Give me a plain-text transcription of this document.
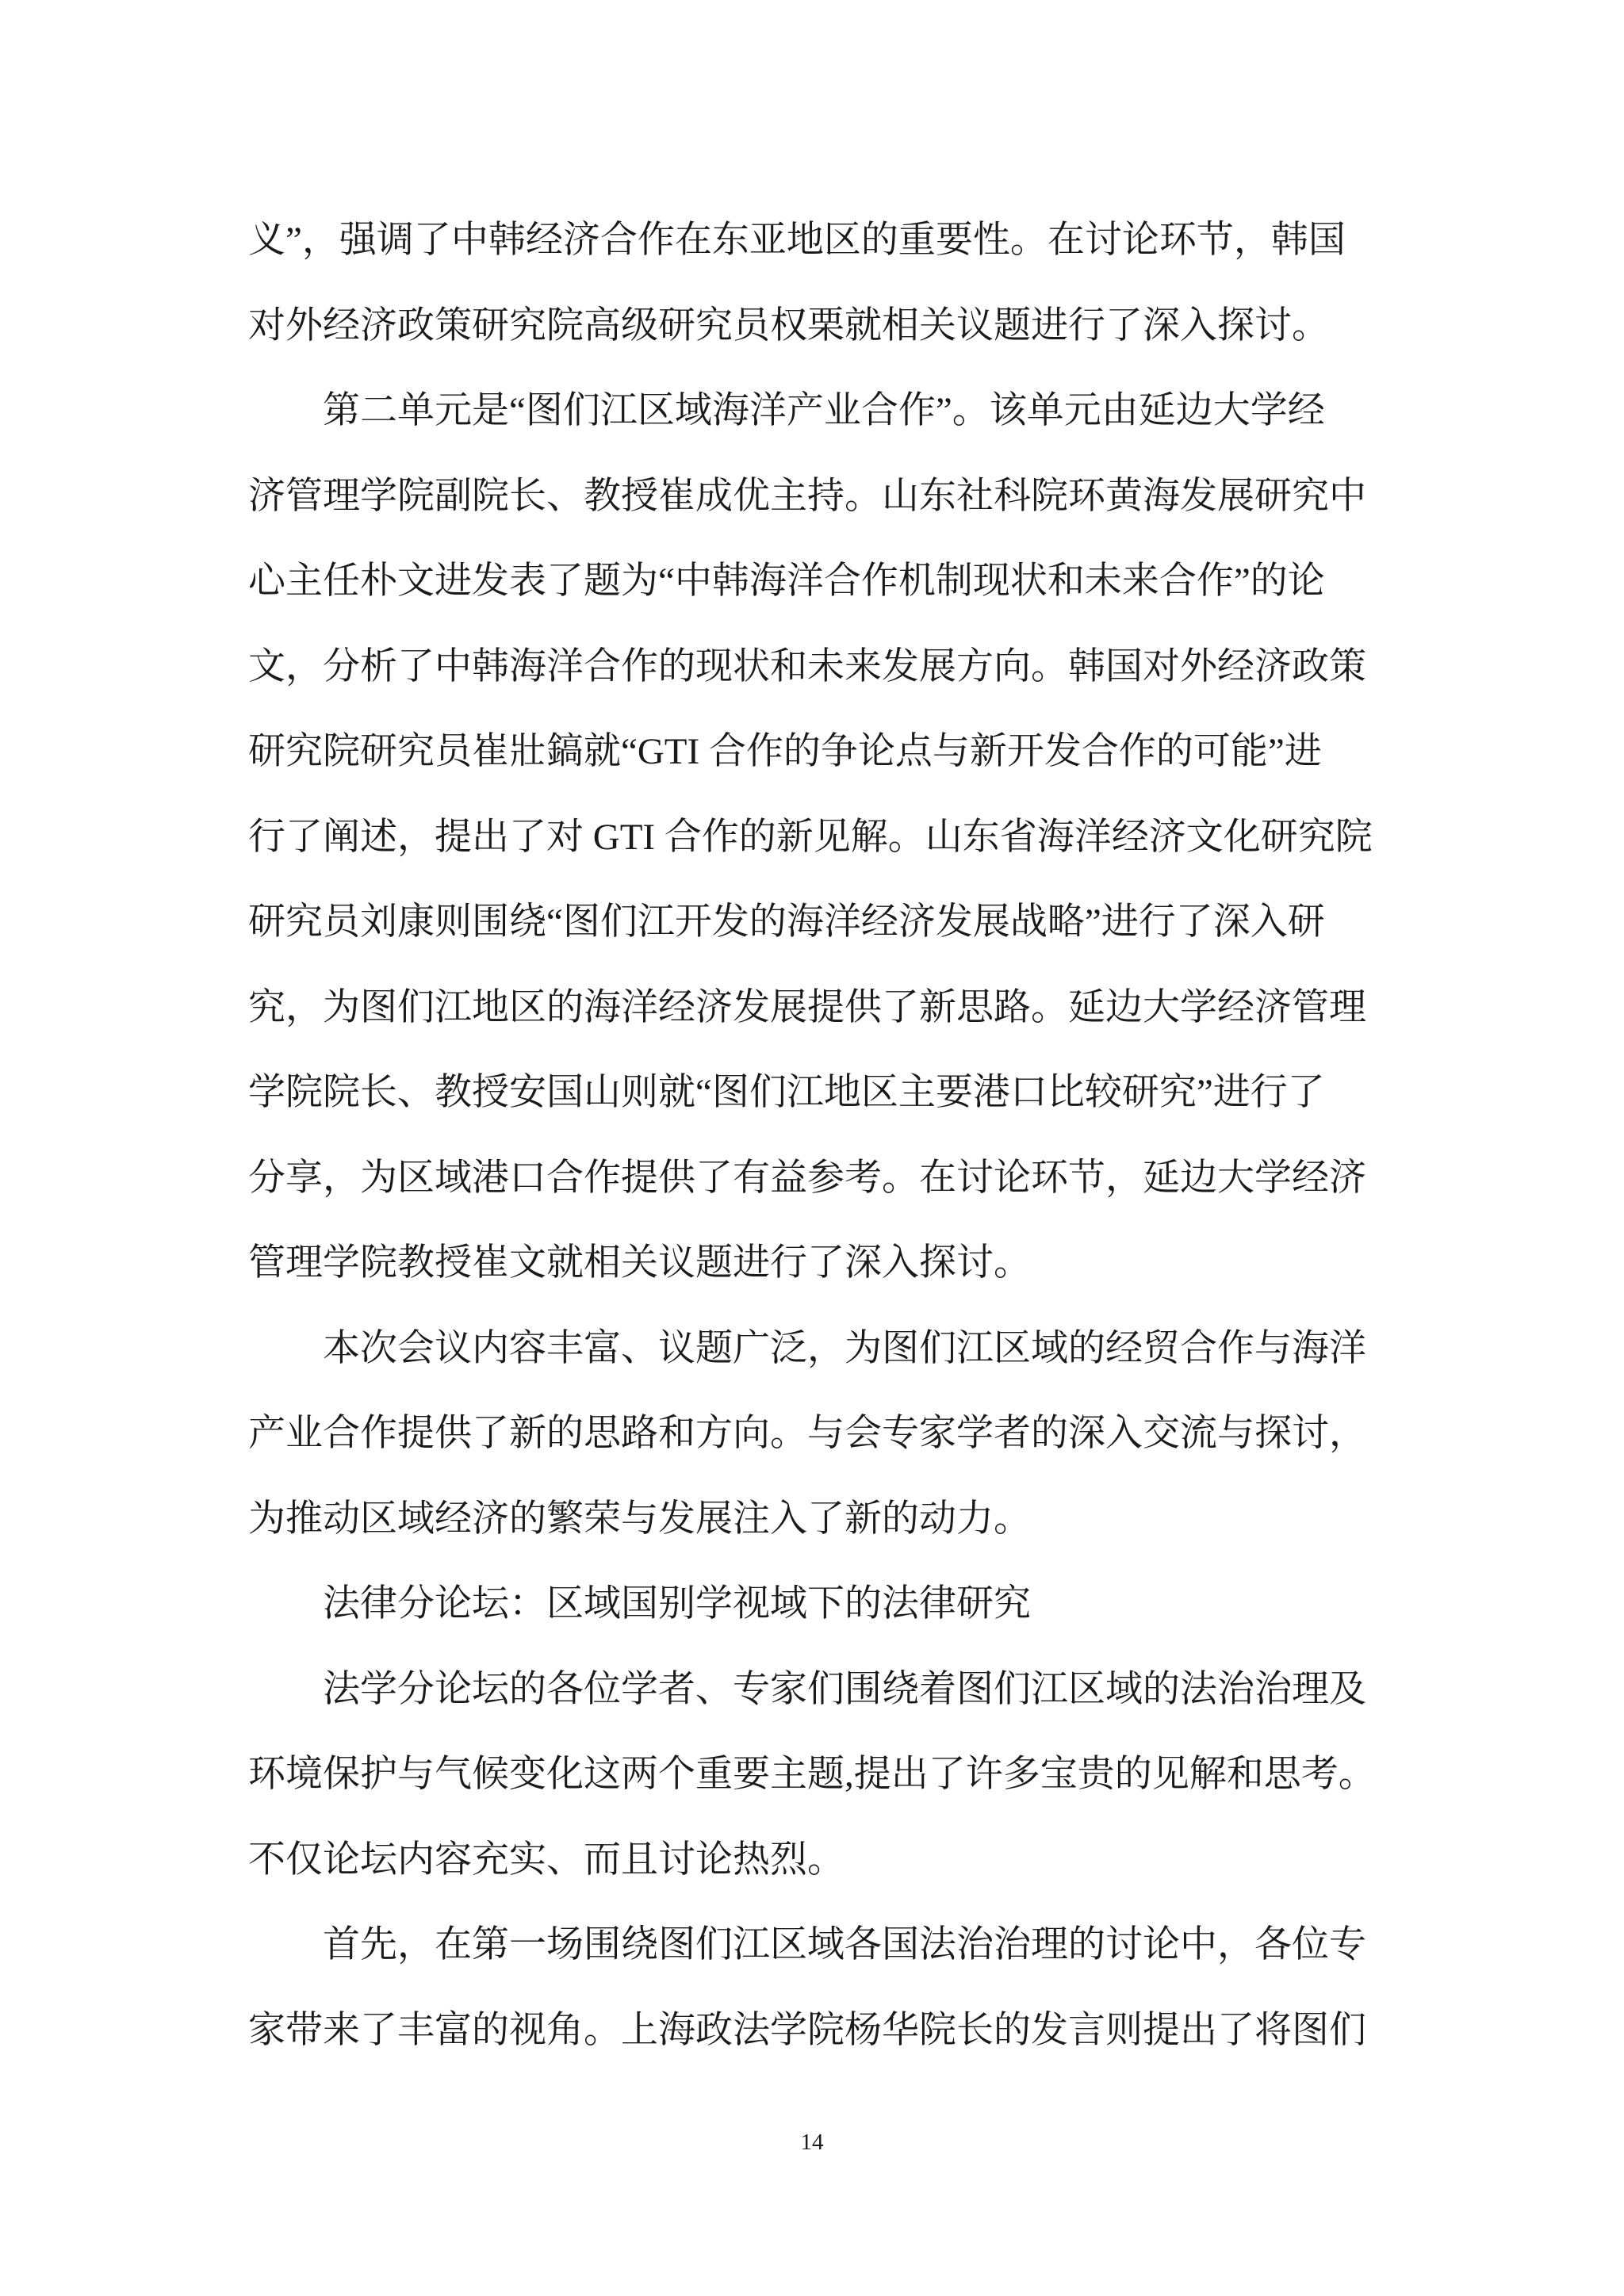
义”，强调了中韩经济合作在东亚地区的重要性。在讨论环节，韩国
对外经济政策研究院高级研究员权栗就相关议题进行了深入探讨。
第二单元是“图们江区域海洋产业合作”。该单元由延边大学经
济管理学院副院长、教授崔成优主持。山东社科院环黄海发展研究中
心主任朴文进发表了题为“中韩海洋合作机制现状和未来合作”的论
文，分析了中韩海洋合作的现状和未来发展方向。韩国对外经济政策
研究院研究员崔壯鎬就“GTI 合作的争论点与新开发合作的可能”进
行了阐述，提出了对 GTI 合作的新见解。山东省海洋经济文化研究院
研究员刘康则围绕“图们江开发的海洋经济发展战略”进行了深入研
究，为图们江地区的海洋经济发展提供了新思路。延边大学经济管理
学院院长、教授安国山则就“图们江地区主要港口比较研究”进行了
分享，为区域港口合作提供了有益参考。在讨论环节，延边大学经济
管理学院教授崔文就相关议题进行了深入探讨。
本次会议内容丰富、议题广泛，为图们江区域的经贸合作与海洋
产业合作提供了新的思路和方向。与会专家学者的深入交流与探讨，
为推动区域经济的繁荣与发展注入了新的动力。
法律分论坛：区域国别学视域下的法律研究
法学分论坛的各位学者、专家们围绕着图们江区域的法治治理及
环境保护与气候变化这两个重要主题,提出了许多宝贵的见解和思考。
不仅论坛内容充实、而且讨论热烈。
首先，在第一场围绕图们江区域各国法治治理的讨论中，各位专
家带来了丰富的视角。上海政法学院杨华院长的发言则提出了将图们
14
